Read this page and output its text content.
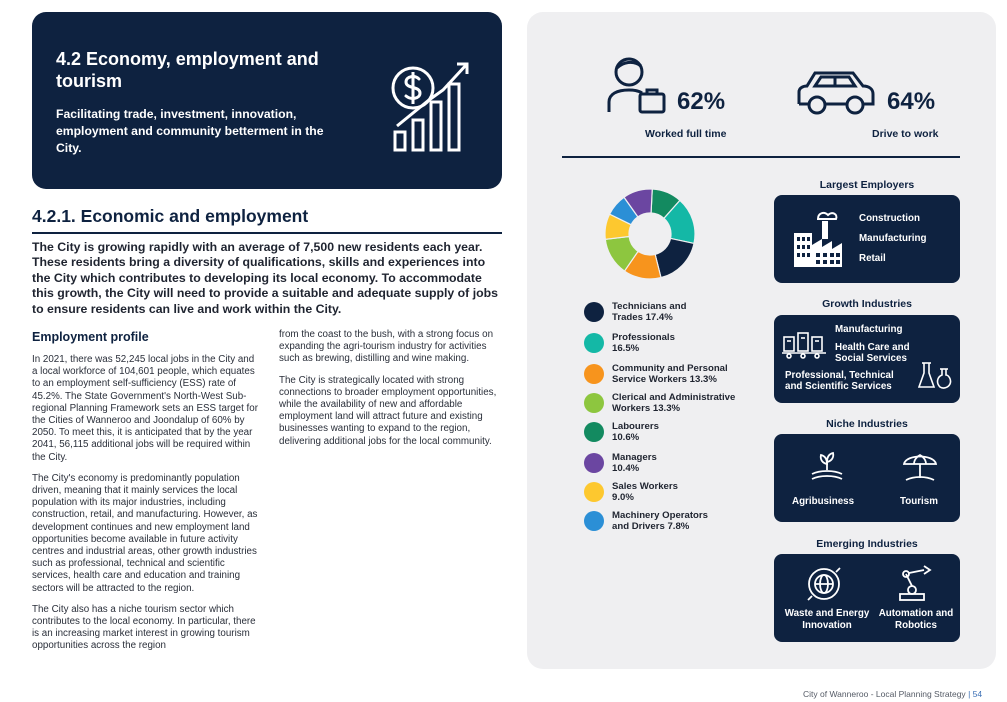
4.2 Economy, employment and tourism

Facilitating trade, investment, innovation, employment and community betterment in the City.

4.2.1. Economic and employment
The City is growing rapidly with an average of 7,500 new residents each year. These residents bring a diversity of qualifications, skills and experiences into the City which contributes to developing its local economy. To accommodate this growth, the City will need to provide a suitable and adequate supply of jobs to ensure residents can live and work within the City.
Employment profile

In 2021, there was 52,245 local jobs in the City and a local workforce of 104,601 people, which equates to an employment self-sufficiency (ESS) rate of 45.2%. The State Government's North-West Sub-regional Planning Framework sets an ESS target for the Cities of Wanneroo and Joondalup of 60% by 2050. To meet this, it is anticipated that by the year 2041, 56,115 additional jobs will be required within the City.

The City's economy is predominantly population driven, meaning that it mainly services the local population with its major industries, including construction, retail, and manufacturing. However, as development continues and new employment land opportunities become available in future activity centres and industrial areas, other growth industries such as professional, technical and scientific services, health care and education and training sectors will be attracted to the region.

The City also has a niche tourism sector which contributes to the local economy. In particular, there is an increasing market interest in growing tourism opportunities across the region

from the coast to the bush, with a strong focus on expanding the agri-tourism industry for activities such as brewing, distilling and wine making.

The City is strategically located with strong connections to broader employment opportunities, while the availability of new and affordable employment land will attract future and existing businesses wanting to expand to the region, delivering additional jobs for the local community.

62%
Worked full time
64%
Drive to work
Technicians and
Trades 17.4%
Professionals
16.5%
Community and Personal
Service Workers 13.3%
Clerical and Administrative
Workers 13.3%
Labourers
10.6%
Managers
10.4%
Sales Workers
9.0%
Machinery Operators
and Drivers 7.8%
Largest Employers
Construction
Manufacturing
Retail
Growth Industries
Manufacturing
Health Care and
Social Services
Professional, Technical
and Scientific Services
Niche Industries
Agribusiness	Tourism
Emerging Industries
Waste and Energy
Innovation
Automation and
Robotics
City of Wanneroo - Local Planning Strategy | 54
